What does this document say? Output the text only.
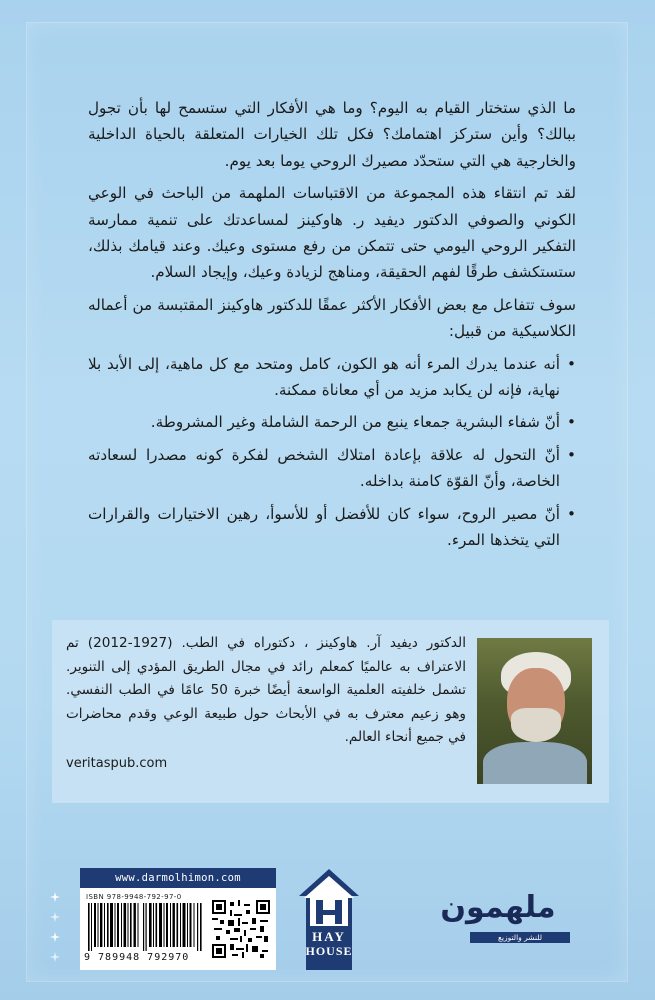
ما الذي ستختار القيام به اليوم؟ وما هي الأفكار التي ستسمح لها بأن تجول ببالك؟ وأين ستركز اهتمامك؟ فكل تلك الخيارات المتعلقة بالحياة الداخلية والخارجية هي التي ستحدّد مصيرك الروحي يوما بعد يوم.

لقد تم انتقاء هذه المجموعة من الاقتباسات الملهمة من الباحث في الوعي الكوني والصوفي الدكتور ديفيد ر. هاوكينز لمساعدتك على تنمية ممارسة التفكير الروحي اليومي حتى تتمكن من رفع مستوى وعيك. وعند قيامك بذلك، ستستكشف طرقًا لفهم الحقيقة، ومناهج لزيادة وعيك، وإيجاد السلام.

سوف تتفاعل مع بعض الأفكار الأكثر عمقًا للدكتور هاوكينز المقتبسة من أعماله الكلاسيكية من قبيل:

• أنه عندما يدرك المرء أنه هو الكون، كامل ومتحد مع كل ماهية، إلى الأبد بلا نهاية، فإنه لن يكابد مزيد من أي معاناة ممكنة.
• أنّ شفاء البشرية جمعاء ينبع من الرحمة الشاملة وغير المشروطة.
• أنّ التحول له علاقة بإعادة امتلاك الشخص لفكرة كونه مصدرا لسعادته الخاصة، وأنّ القوّة كامنة بداخله.
• أنّ مصير الروح، سواء كان للأفضل أو للأسوأ، رهين الاختيارات والقرارات التي يتخذها المرء.
الدكتور ديفيد آر. هاوكينز ، دكتوراه في الطب. (1927-2012) تم الاعتراف به عالميًا كمعلم رائد في مجال الطريق المؤدي إلى التنوير. تشمل خلفيته العلمية الواسعة أيضًا خبرة 50 عامًا في الطب النفسي. وهو زعيم معترف به في الأبحاث حول طبيعة الوعي وقدم محاضرات في جميع أنحاء العالم.
veritaspub.com
www.darmolhimon.com
ISBN 978-9948-792-97-0
9 789948 792970
HAY
HOUSE
ملهمون
للنشر والتوزيع
